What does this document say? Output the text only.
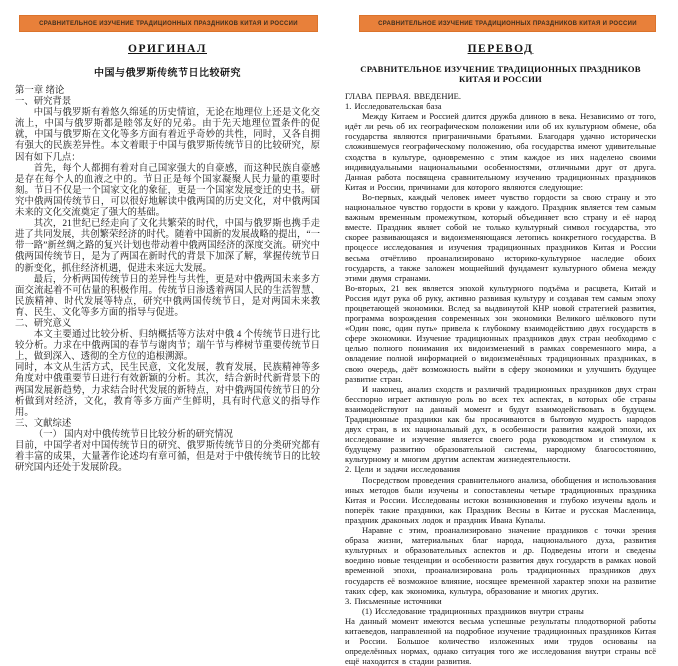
СРАВНИТЕЛЬНОЕ ИЗУЧЕНИЕ ТРАДИЦИОННЫХ ПРАЗДНИКОВ КИТАЯ И РОССИИ
ОРИГИНАЛ
中国与俄罗斯传统节日比较研究

第一章 绪论

一、研究背景

中国与俄罗斯有着悠久绵延的历史情谊，无论在地理位上还是文化交流上，中国与俄罗斯都是睦邻友好的兄弟。由于先天地理位置条件的促就，中国与俄罗斯在文化等多方面有着近乎奇妙的共性，同时，又各自拥有强大的民族差异性。本文着眼于中国与俄罗斯传统节日的比较研究，原因有如下几点：

首先，每个人都拥有着对自己国家强大的自豪感，而这种民族自豪感是存在每个人的血液之中的。节日正是每个国家凝聚人民力量的重要时刻。节日不仅是一个国家文化的象征，更是一个国家发展变迁的史书。研究中俄两国传统节日，可以很好地解读中俄两国的历史文化，对中俄两国未来的文化交流奠定了强大的基础。

其次，21世纪已经走向了文化共繁荣的时代，中国与俄罗斯也携手走进了共同发展，共创繁荣经济的时代。随着中国新的发展战略的提出，“一带一路”新丝绸之路的复兴计划也带动着中俄两国经济的深度交流。研究中俄两国传统节日，是为了两国在新时代的背景下加深了解，掌握传统节日的新变化，抓住经济机遇，促进未来远大发展。

最后，分析两国传统节日的差异性与共性，更是对中俄两国未来多方面交流起着不可估量的积极作用。传统节日渗透着两国人民的生活智慧、民族精神、时代发展等特点，研究中俄两国传统节日，是对两国未来教育、民生、文化等多方面的指导与促进。

二、研究意义

本文主要通过比较分析、归纳概括等方法对中俄 4 个传统节日进行比较分析。力求在中俄两国的春节与谢肉节；端午节与桦树节重要传统节日上，做到深入、透彻的全方位的追根溯源。

同时，本文从生活方式，民生民意，文化发展，教育发展，民族精神等多角度对中俄重要节日进行有效新颖的分析。其次，结合新时代新背景下的两国发展新趋势，力求结合时代发展的新特点，对中俄两国传统节日的分析做到对经济，文化，教育等多方面产生鲜明，具有时代意义的指导作用。

三、文献综述

（一） 国内对中俄传统节日比较分析的研究情况

目前，中国学者对中国传统节日的研究、俄罗斯传统节日的分类研究都有着丰富的成果，大量著作论述均有章可循，但是对于中俄传统节日的比较研究国内还处于发展阶段。

СРАВНИТЕЛЬНОЕ ИЗУЧЕНИЕ ТРАДИЦИОННЫХ ПРАЗДНИКОВ КИТАЯ И РОССИИ
ПЕРЕВОД
СРАВНИТЕЛЬНОЕ ИЗУЧЕНИЕ ТРАДИЦИОННЫХ ПРАЗДНИКОВ КИТАЯ И РОССИИ

ГЛАВА ПЕРВАЯ. ВВЕДЕНИЕ.

1. Исследовательская база

Между Китаем и Россией длится дружба длиною в века. Независимо от того, идёт ли речь об их географическом положении или об их культурном обмене, оба государства являются приграничными братьями. Благодаря удачно исторически сложившемуся географическому положению, оба государства имеют удивительные сходства в культуре, одновременно с этим каждое из них наделено своими индивидуальными национальными особенностями, отличными друг от друга. Данная работа посвящена сравнительному изучению традиционных праздников Китая и России, причинами для которого являются следующие:

Во-первых, каждый человек имеет чувство гордости за свою страну и это национальное чувство гордости в крови у каждого. Праздник является тем самым важным временным промежутком, который объединяет всю страну и её народ вместе. Праздник являет собой не только культурный символ государства, это скорее развивающаяся и видоизменяющаяся летопись конкретного государства. В процессе исследования и изучения традиционных праздников Китая и России весьма отчётливо проанализировано историко-культурное наследие обоих государств, а также заложен мощнейший фундамент культурного обмена между этими двумя странами.

Во-вторых, 21 век является эпохой культурного подъёма и расцвета, Китай и Россия идут рука об руку, активно развивая культуру и создавая тем самым эпоху процветающей экономики. Вслед за выдвинутой КНР новой стратегией развития, программа возрождения современных зон экономики Великого шёлкового пути «Один пояс, один путь» привела к глубокому взаимодействию двух государств в сфере экономики. Изучение традиционных праздников двух стран необходимо с целью полного понимания их видоизменений в рамках современного мира, а овладение полной информацией о видоизменённых традиционных праздниках, в свою очередь, даёт возможность выйти в сферу экономики и улучшить будущее развитие стран.

И наконец, анализ сходств и различий традиционных праздников двух стран бесспорно играет активную роль во всех тех аспектах, в которых обе страны взаимодействуют на данный момент и будут взаимодействовать в будущем. Традиционные праздники как бы просачиваются в бытовую мудрость народов двух стран, в их национальный дух, в особенности развития каждой эпохи, их исследование и изучение является своего рода руководством и стимулом к будущему развитию образовательной системы, народному благосостоянию, культурному и многим другим аспектам жизнедеятельности.

2. Цели и задачи исследования

Посредством проведения сравнительного анализа, обобщения и использования иных методов были изучены и сопоставлены четыре традиционных праздника Китая и России. Исследованы истоки возникновения и глубоко изучены вдоль и поперёк такие праздники, как Праздник Весны в Китае и русская Масленица, праздник драконьих лодок и праздник Ивана Купалы.

Наравне с этим, проанализировано значение праздников с точки зрения образа жизни, материальных благ народа, национального духа, развития культурных и образовательных аспектов и др. Подведены итоги и сведены воедино новые тенденции и особенности развития двух государств в рамках новой временной эпохи, проанализирована роль традиционных праздников двух государств её возможное влияние, носящее временной характер эпохи на развитие таких сфер, как экономика, культура, образование и многих других.

3. Письменные источники

(1) Исследование традиционных праздников внутри страны

На данный момент имеются весьма успешные результаты плодотворной работы китаеведов, направленной на подробное изучение традиционных праздников Китая и России. Большое количество изложенных ими трудов основаны на определённых нормах, однако ситуация того же исследования внутри страны всё ещё находится в стадии развития.
